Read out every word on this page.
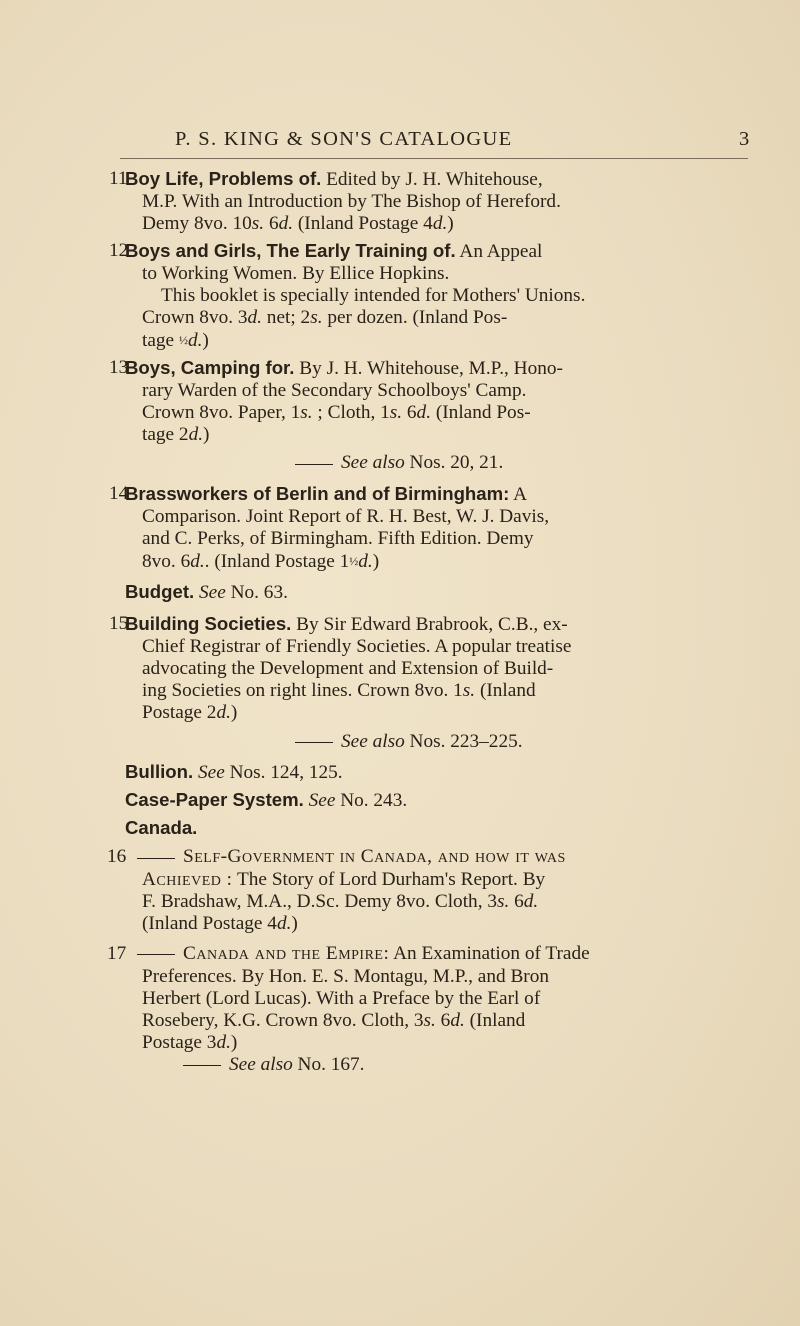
P. S. KING & SON'S CATALOGUE	3
11
Boy Life, Problems of. Edited by J. H. Whitehouse,
M.P. With an Introduction by The Bishop of Hereford.
Demy 8vo. 10s. 6d. (Inland Postage 4d.)
12
Boys and Girls, The Early Training of. An Appeal
to Working Women. By Ellice Hopkins.
This booklet is specially intended for Mothers' Unions.
Crown 8vo. 3d. net; 2s. per dozen. (Inland Pos-
tage ½d.)
13
Boys, Camping for. By J. H. Whitehouse, M.P., Hono-
rary Warden of the Secondary Schoolboys' Camp.
Crown 8vo. Paper, 1s. ; Cloth, 1s. 6d. (Inland Pos-
tage 2d.)
See also Nos. 20, 21.
14
Brassworkers of Berlin and of Birmingham: A
Comparison. Joint Report of R. H. Best, W. J. Davis,
and C. Perks, of Birmingham. Fifth Edition. Demy
8vo. 6d.. (Inland Postage 1½d.)
Budget. See No. 63.
15
Building Societies. By Sir Edward Brabrook, C.B., ex-
Chief Registrar of Friendly Societies. A popular treatise
advocating the Development and Extension of Build-
ing Societies on right lines. Crown 8vo. 1s. (Inland
Postage 2d.)
See also Nos. 223–225.
Bullion. See Nos. 124, 125.
Case-Paper System. See No. 243.
Canada.
16	Self-Government in Canada, and how it was
Achieved : The Story of Lord Durham's Report. By
F. Bradshaw, M.A., D.Sc. Demy 8vo. Cloth, 3s. 6d.
(Inland Postage 4d.)
17	Canada and the Empire: An Examination of Trade
Preferences. By Hon. E. S. Montagu, M.P., and Bron
Herbert (Lord Lucas). With a Preface by the Earl of
Rosebery, K.G. Crown 8vo. Cloth, 3s. 6d. (Inland
Postage 3d.)
See also No. 167.
